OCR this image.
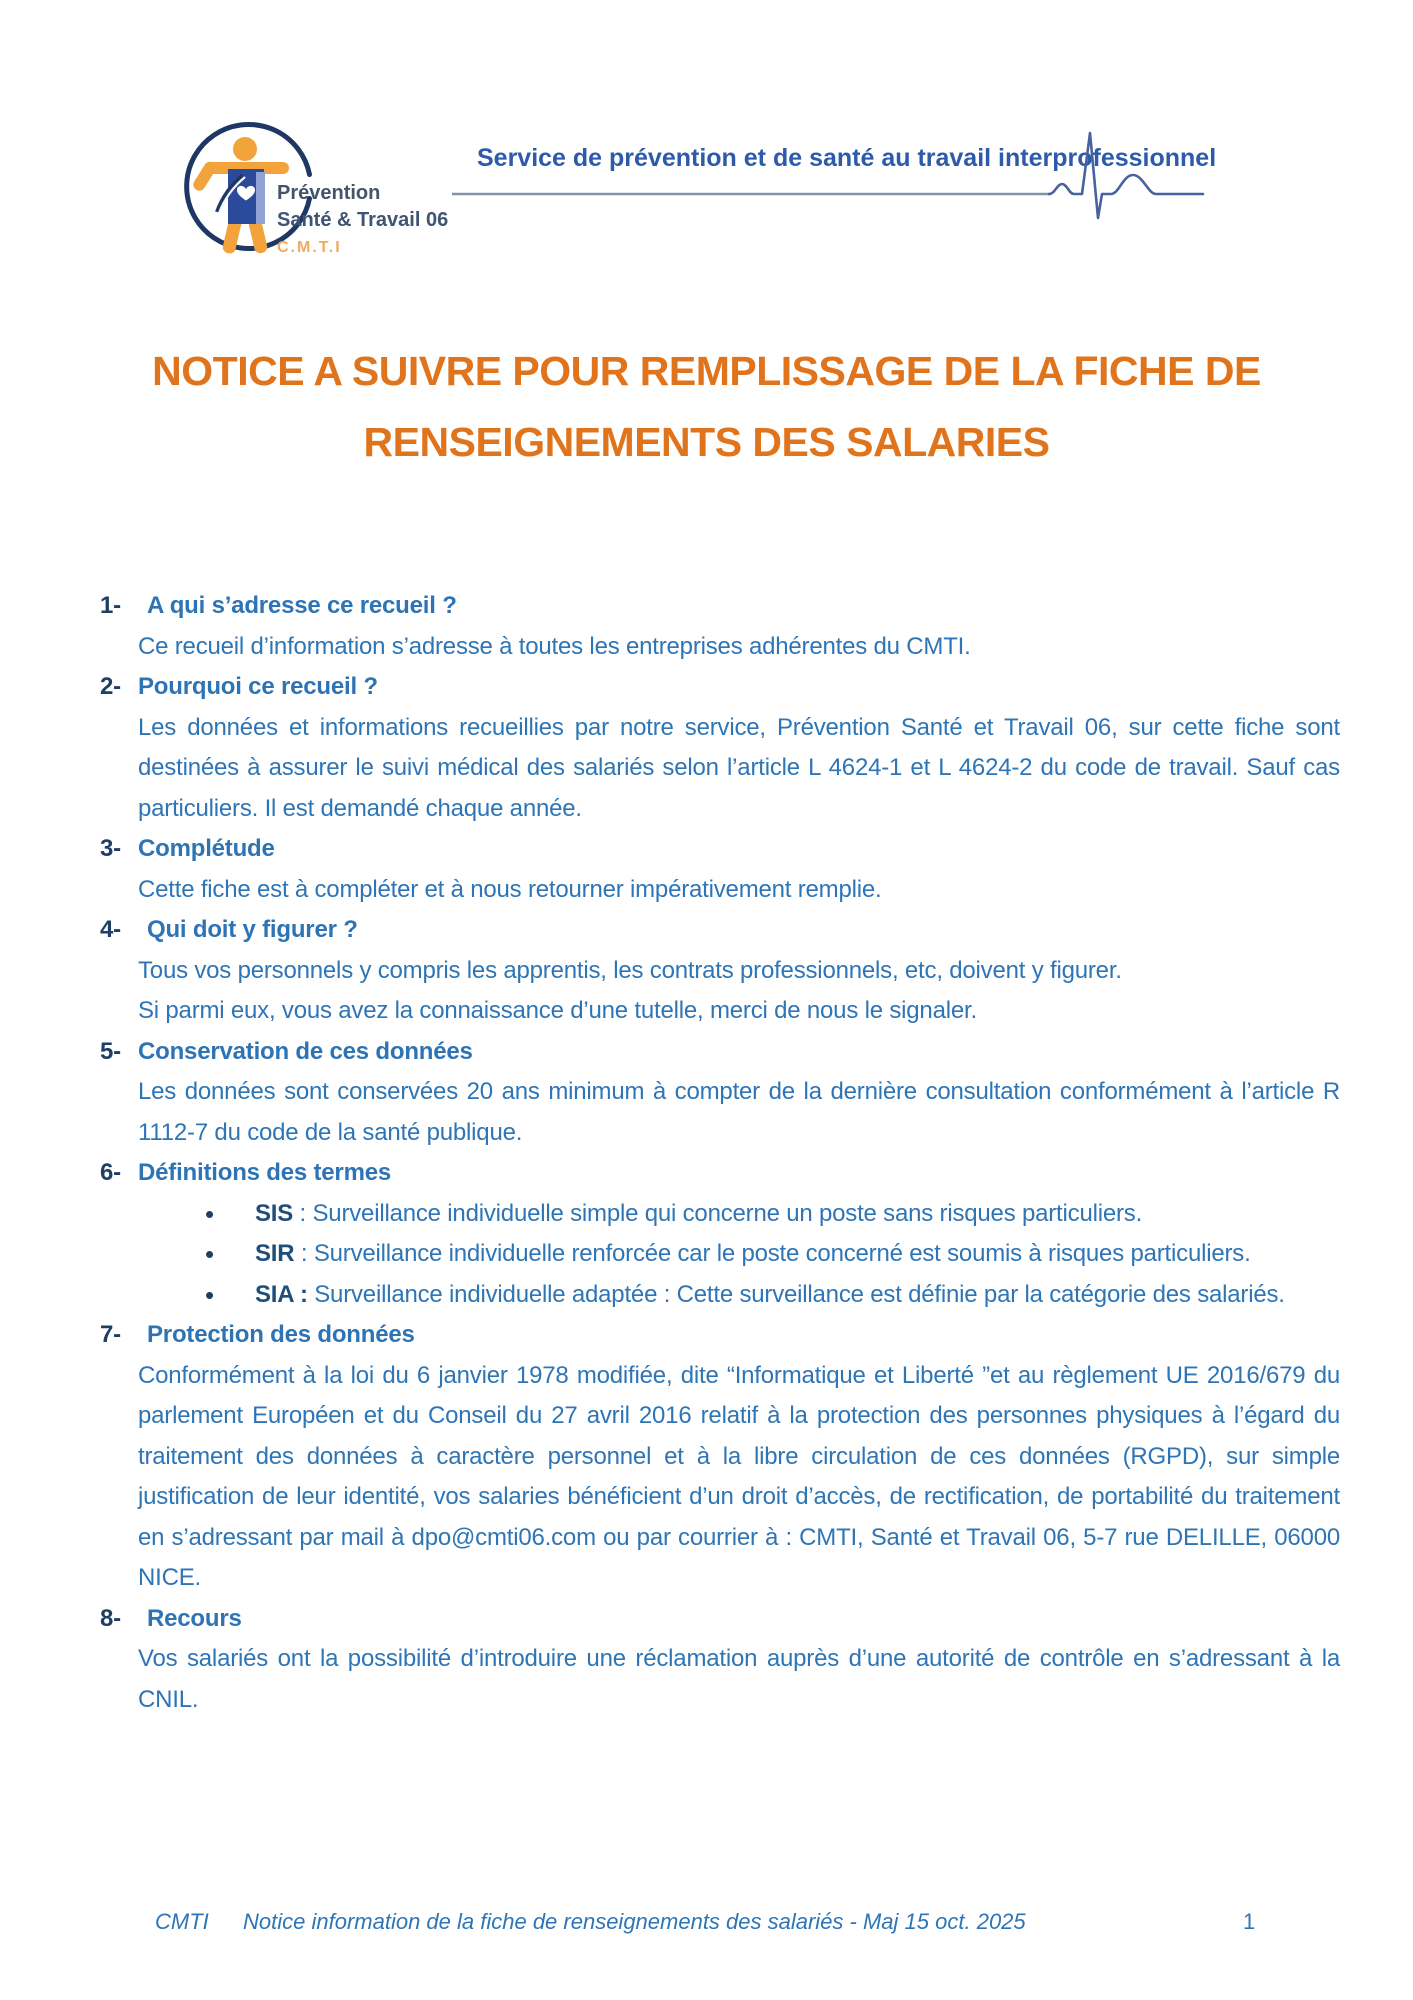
Prévention
Santé & Travail 06
C.M.T.I
Service de prévention et de santé au travail interprofessionnel
NOTICE A SUIVRE POUR REMPLISSAGE DE LA FICHE DE
RENSEIGNEMENTS DES SALARIES
1-	A qui s’adresse ce recueil ?

Ce recueil d’information s’adresse à toutes les entreprises adhérentes du CMTI.

2- Pourquoi ce recueil ?

Les données et informations recueillies par notre service, Prévention Santé et Travail 06, sur cette fiche sont destinées à assurer le suivi médical des salariés selon l’article L 4624-1 et L 4624-2 du code de travail. Sauf cas particuliers. Il est demandé chaque année.

3- Complétude

Cette fiche est à compléter et à nous retourner impérativement remplie.

4-	Qui doit y figurer ?

Tous vos personnels y compris les apprentis, les contrats professionnels, etc, doivent y figurer.

Si parmi eux, vous avez la connaissance d’une tutelle, merci de nous le signaler.

5- Conservation de ces données

Les données sont conservées 20 ans minimum à compter de la dernière consultation conformément à l’article R 1112-7 du code de la santé publique.

6- Définitions des termes
• SIS : Surveillance individuelle simple qui concerne un poste sans risques particuliers.
• SIR : Surveillance individuelle renforcée car le poste concerné est soumis à risques particuliers.
• SIA : Surveillance individuelle adaptée : Cette surveillance est définie par la catégorie des salariés.
7-	Protection des données

Conformément à la loi du 6 janvier 1978 modifiée, dite “Informatique et Liberté ”et au règlement UE 2016/679 du parlement Européen et du Conseil du 27 avril 2016 relatif à la protection des personnes physiques à l’égard du traitement des données à caractère personnel et à la libre circulation de ces données (RGPD), sur simple justification de leur identité, vos salaries bénéficient d’un droit d’accès, de rectification, de portabilité du traitement en s’adressant par mail à dpo@cmti06.com ou par courrier à : CMTI, Santé et Travail 06, 5-7 rue DELILLE, 06000 NICE.

8-	Recours

Vos salariés ont la possibilité d’introduire une réclamation auprès d’une autorité de contrôle en s’adressant à la CNIL.

CMTI Notice information de la fiche de renseignements des salariés - Maj 15 oct. 2025	1
